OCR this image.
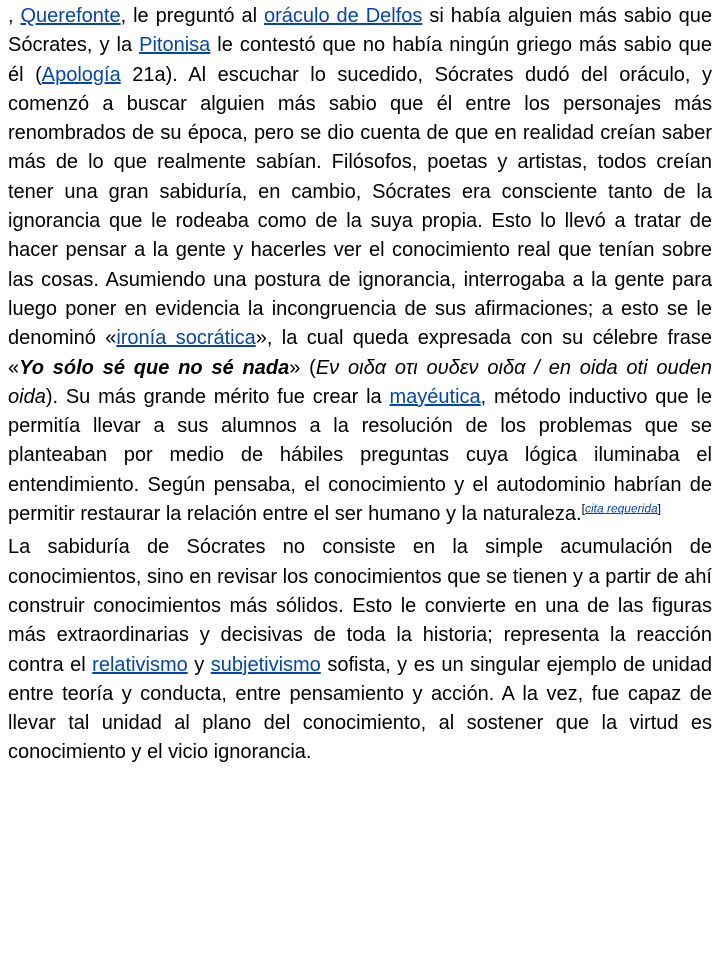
, Querefonte, le preguntó al oráculo de Delfos si había alguien más sabio que Sócrates, y la Pitonisa le contestó que no había ningún griego más sabio que él (Apología 21a). Al escuchar lo sucedido, Sócrates dudó del oráculo, y comenzó a buscar alguien más sabio que él entre los personajes más renombrados de su época, pero se dio cuenta de que en realidad creían saber más de lo que realmente sabían. Filósofos, poetas y artistas, todos creían tener una gran sabiduría, en cambio, Sócrates era consciente tanto de la ignorancia que le rodeaba como de la suya propia. Esto lo llevó a tratar de hacer pensar a la gente y hacerles ver el conocimiento real que tenían sobre las cosas. Asumiendo una postura de ignorancia, interrogaba a la gente para luego poner en evidencia la incongruencia de sus afirmaciones; a esto se le denominó «ironía socrática», la cual queda expresada con su célebre frase «Yo sólo sé que no sé nada» (Εν οιδα οτι ουδεν οιδα / en oida oti ouden oida). Su más grande mérito fue crear la mayéutica, método inductivo que le permitía llevar a sus alumnos a la resolución de los problemas que se planteaban por medio de hábiles preguntas cuya lógica iluminaba el entendimiento. Según pensaba, el conocimiento y el autodominio habrían de permitir restaurar la relación entre el ser humano y la naturaleza.[cita requerida]

La sabiduría de Sócrates no consiste en la simple acumulación de conocimientos, sino en revisar los conocimientos que se tienen y a partir de ahí construir conocimientos más sólidos. Esto le convierte en una de las figuras más extraordinarias y decisivas de toda la historia; representa la reacción contra el relativismo y subjetivismo sofista, y es un singular ejemplo de unidad entre teoría y conducta, entre pensamiento y acción. A la vez, fue capaz de llevar tal unidad al plano del conocimiento, al sostener que la virtud es conocimiento y el vicio ignorancia.
